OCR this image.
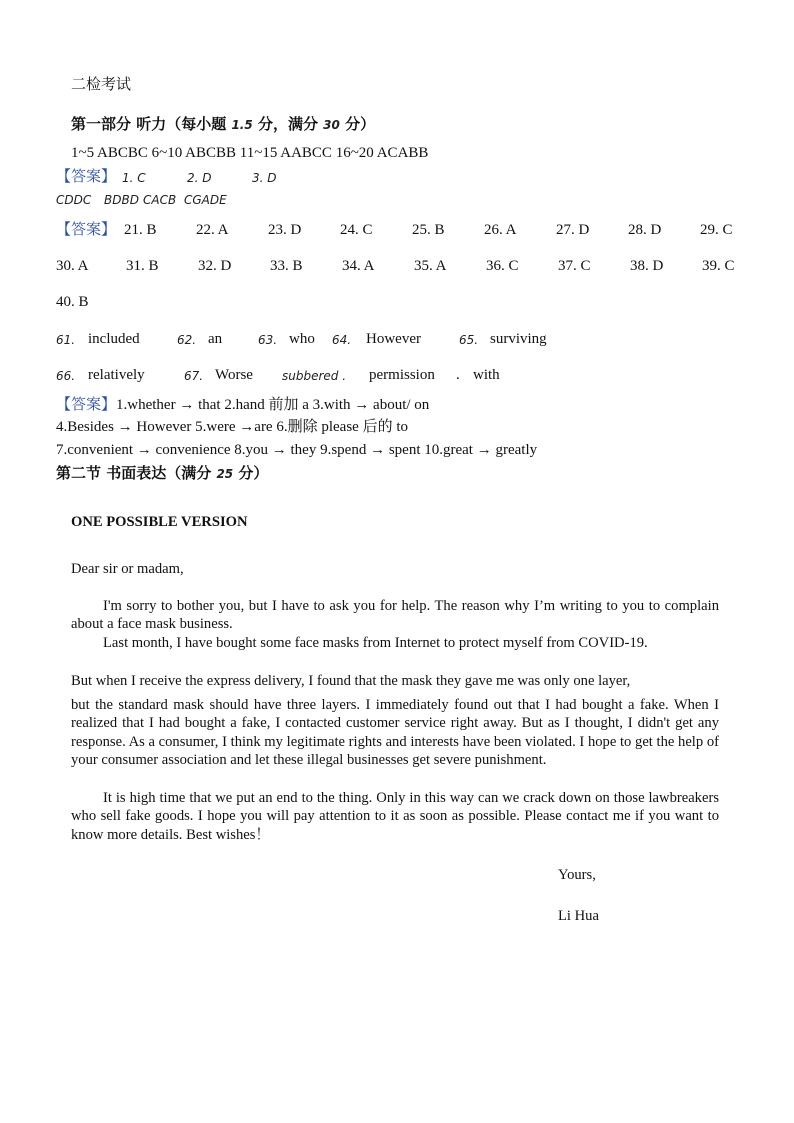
二检考试
第一部分 听力（每小题 1.5 分，满分 30 分）
1~5 ABCBC 6~10 ABCBB 11~15 AABCC 16~20 ACABB
【答案】 1. C	2. D	3. D
CDDC BDBD CACB CGADE
【答案】 21. B	22. A	23. D	24. C	25. B	26. A	27. D	28. D	29. C
30. A 31. B	32. D	33. B	34. A	35. A	36. C	37. C	38. D	39. C
40. B
61. included	62. an	63. who 64. However	65. surviving
66. relatively	67. Worse subbered . permission . with
【答案】1.whether → that 2.hand 前加 a 3.with → about/ on
4.Besides → However 5.were →are 6.删除 please 后的 to
7.convenient → convenience 8.you → they 9.spend → spent 10.great → greatly
第二节 书面表达（满分 25 分）
ONE POSSIBLE VERSION
Dear sir or madam,
I'm sorry to bother you, but I have to ask you for help. The reason why I’m writing to you to complain about a face mask business.
Last month, I have bought some face masks from Internet to protect myself from COVID-19.
But when I receive the express delivery, I found that the mask they gave me was only one layer,
but the standard mask should have three layers. I immediately found out that I had bought a fake. When I realized that I had bought a fake, I contacted customer service right away. But as I thought, I didn't get any response. As a consumer, I think my legitimate rights and interests have been violated. I hope to get the help of your consumer association and let these illegal businesses get severe punishment.
It is high time that we put an end to the thing. Only in this way can we crack down on those lawbreakers who sell fake goods. I hope you will pay attention to it as soon as possible. Please contact me if you want to know more details. Best wishes！
Yours,
Li Hua
